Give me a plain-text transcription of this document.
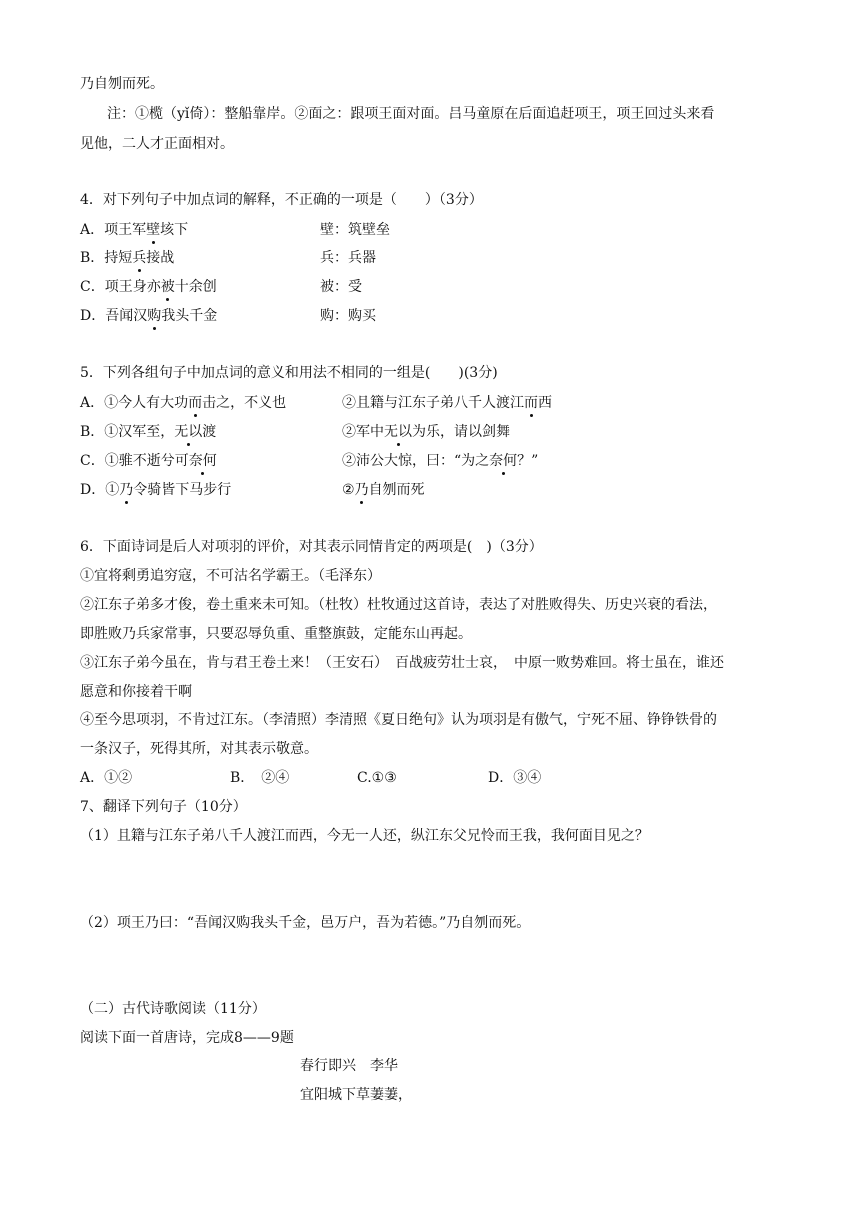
乃自刎而死。
注：①榄（yǐ倚）：整船靠岸。②面之：跟项王面对面。吕马童原在后面追赶项王，项王回过头来看
见他，二人才正面相对。
4．对下列句子中加点词的解释，不正确的一项是（　　）（3分）
A．项王军壁垓下	壁：筑壁垒
B．持短兵接战	兵：兵器
C．项王身亦被十余创	被：受
D．吾闻汉购我头千金	购：购买
5．下列各组句子中加点词的意义和用法不相同的一组是(　　)(3分)
A．①今人有大功而击之，不义也	②且籍与江东子弟八千人渡江而西
B．①汉军至，无以渡	②军中无以为乐，请以剑舞
C．①骓不逝兮可奈何	②沛公大惊，曰：“为之奈何？”
D．①乃令骑皆下马步行	②乃自刎而死
6．下面诗词是后人对项羽的评价，对其表示同情肯定的两项是(　)（3分）
①宜将剩勇追穷寇，不可沽名学霸王。（毛泽东）
②江东子弟多才俊，卷土重来未可知。（杜牧）杜牧通过这首诗，表达了对胜败得失、历史兴衰的看法，
即胜败乃兵家常事，只要忍辱负重、重整旗鼓，定能东山再起。
③江东子弟今虽在，肯与君王卷土来！（王安石）　百战疲劳壮士哀，　中原一败势难回。将士虽在，谁还
愿意和你接着干啊
④至今思项羽，不肯过江东。（李清照）李清照《夏日绝句》认为项羽是有傲气，宁死不屈、铮铮铁骨的
一条汉子，死得其所，对其表示敬意。
A．①②	B．　②④	C.①③	D．③④
7、翻译下列句子（10分）
（1）且籍与江东子弟八千人渡江而西，今无一人还，纵江东父兄怜而王我，我何面目见之？
（2）项王乃曰：“吾闻汉购我头千金，邑万户，吾为若德。”乃自刎而死。
（二）古代诗歌阅读（11分）
阅读下面一首唐诗，完成8——9题
春行即兴　李华
宜阳城下草萋萋，
